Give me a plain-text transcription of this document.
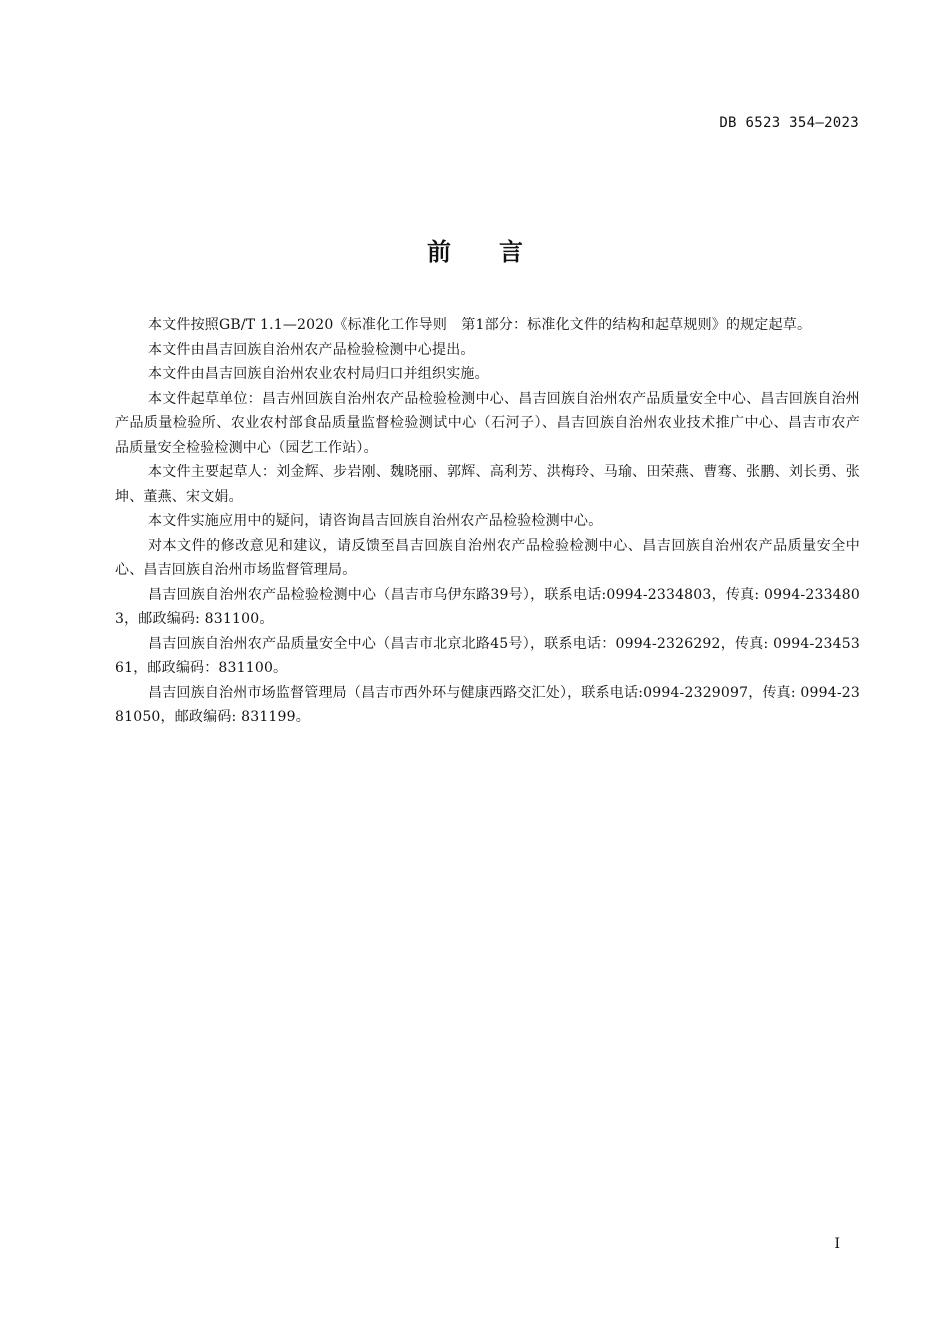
DB 6523 354—2023
前言

本文件按照GB/T 1.1—2020《标准化工作导则　第1部分：标准化文件的结构和起草规则》的规定起草。

本文件由昌吉回族自治州农产品检验检测中心提出。

本文件由昌吉回族自治州农业农村局归口并组织实施。

本文件起草单位：昌吉州回族自治州农产品检验检测中心、昌吉回族自治州农产品质量安全中心、昌吉回族自治州产品质量检验所、农业农村部食品质量监督检验测试中心（石河子）、昌吉回族自治州农业技术推广中心、昌吉市农产品质量安全检验检测中心（园艺工作站）。

本文件主要起草人：刘金辉、步岩刚、魏晓丽、郭辉、高利芳、洪梅玲、马瑜、田荣燕、曹骞、张鹏、刘长勇、张坤、董燕、宋文娟。

本文件实施应用中的疑问，请咨询昌吉回族自治州农产品检验检测中心。

对本文件的修改意见和建议，请反馈至昌吉回族自治州农产品检验检测中心、昌吉回族自治州农产品质量安全中心、昌吉回族自治州市场监督管理局。

昌吉回族自治州农产品检验检测中心（昌吉市乌伊东路39号），联系电话:0994-2334803，传真: 0994-2334803，邮政编码: 831100。

昌吉回族自治州农产品质量安全中心（昌吉市北京北路45号），联系电话：0994-2326292，传真: 0994-2345361，邮政编码：831100。

昌吉回族自治州市场监督管理局（昌吉市西外环与健康西路交汇处），联系电话:0994-2329097，传真: 0994-2381050，邮政编码: 831199。

I
